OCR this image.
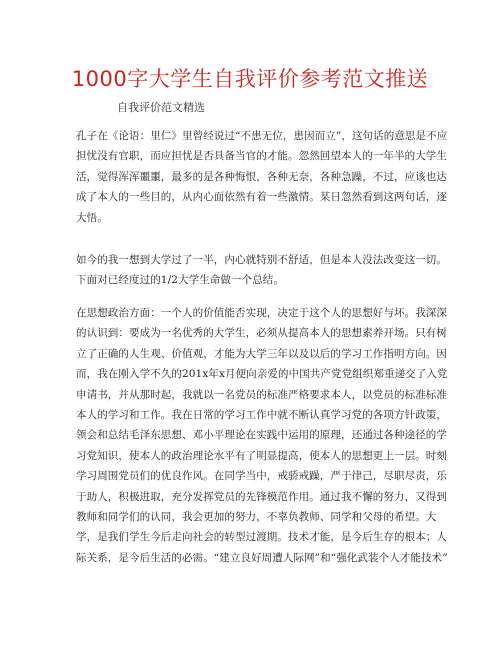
1000字大学生自我评价参考范文推送
自我评价范文精选
孔子在《论语：里仁》里曾经说过“不患无位，患因而立”，这句话的意思是不应
担忧没有官职，而应担忧是否具备当官的才能。忽然回望本人的一年半的大学生
活，觉得浑浑噩噩，最多的是各种悔恨，各种无奈，各种急躁，不过，应该也达
成了本人的一些目的，从内心面依然有着一些激情。某日忽然看到这两句话，逐
大悟。
如今的我一想到大学过了一半，内心就特别不舒适，但是本人没法改变这一切。
下面对已经度过的1/2大学生命做一个总结。
在思想政治方面：一个人的价值能否实现，决定于这个人的思想好与坏。我深深
的认识到：要成为一名优秀的大学生，必须从提高本人的思想素养开场。只有树
立了正确的人生观、价值观，才能为大学三年以及以后的学习工作指明方向。因
而，我在刚入学不久的201x年x月便向亲爱的中国共产党党组织郑重递交了入党
申请书，并从那时起，我就以一名党员的标准严格要求本人，以党员的标准标准
本人的学习和工作。我在日常的学习工作中就不断认真学习党的各项方针政策，
领会和总结毛泽东思想、邓小平理论在实践中运用的原理，还通过各种途径的学
习党知识，使本人的政治理论水平有了明显提高，使本人的思想更上一层。时刻
学习周围党员们的优良作风。在同学当中，戒骄戒躁，严于律己，尽职尽责，乐
于助人，积极进取，充分发挥党员的先锋模范作用。通过我不懈的努力，又得到
教师和同学们的认同，我会更加的努力，不辜负教师、同学和父母的希望。大
学，是我们学生今后走向社会的转型过渡期。技术才能，是今后生存的根本；人
际关系，是今后生活的必需。“建立良好周遭人际网”和“强化武装个人才能技术”
